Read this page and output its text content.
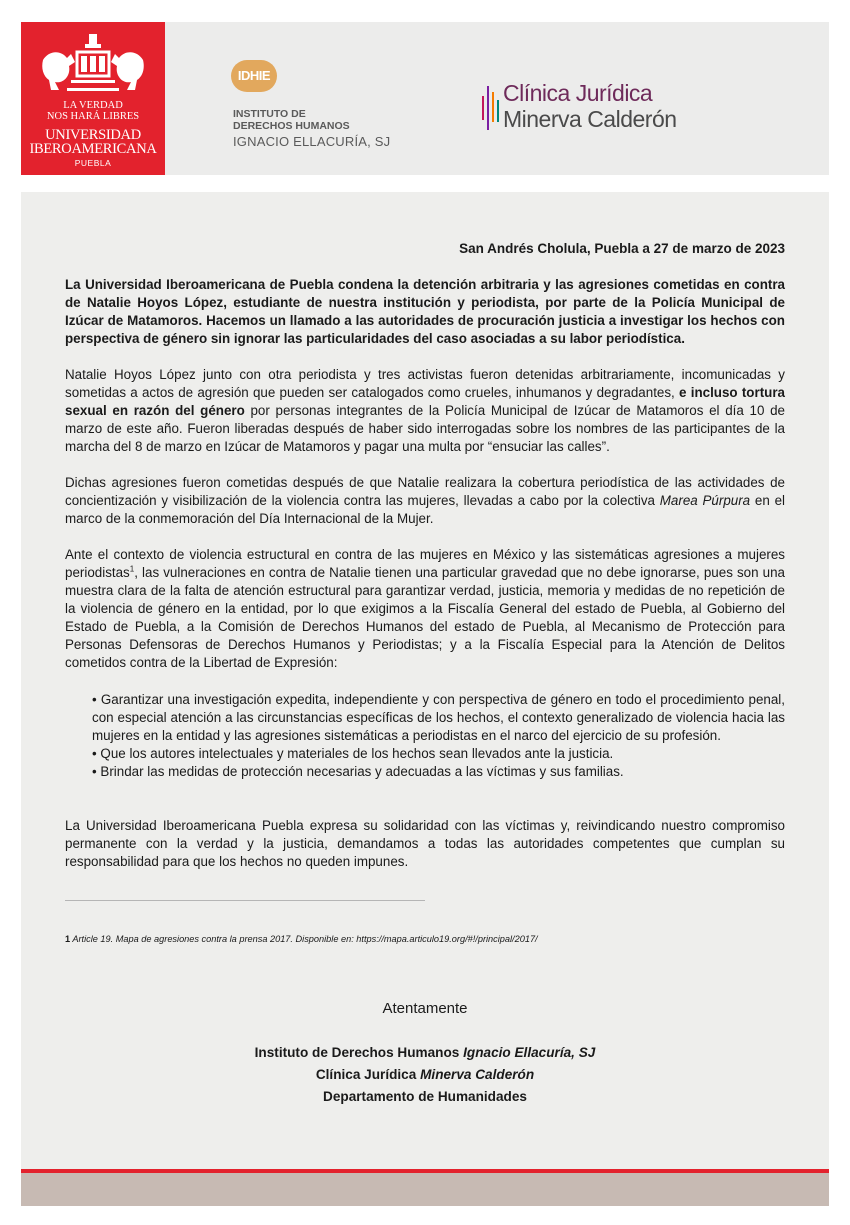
LA VERDAD
NOS HARÁ LIBRES
UNIVERSIDAD
IBEROAMERICANA
PUEBLA
IDHIE
INSTITUTO DE
DERECHOS HUMANOS
IGNACIO ELLACURÍA, SJ
Clínica Jurídica
Minerva Calderón
San Andrés Cholula, Puebla a 27 de marzo de 2023

La Universidad Iberoamericana de Puebla condena la detención arbitraria y las agresiones cometidas en contra de Natalie Hoyos López, estudiante de nuestra institución y periodista, por parte de la Policía Municipal de Izúcar de Matamoros. Hacemos un llamado a las autoridades de procuración justicia a investigar los hechos con perspectiva de género sin ignorar las particularidades del caso asociadas a su labor periodística.

Natalie Hoyos López junto con otra periodista y tres activistas fueron detenidas arbitrariamente, incomunicadas y sometidas a actos de agresión que pueden ser catalogados como crueles, inhumanos y degradantes, e incluso tortura sexual en razón del género por personas integrantes de la Policía Municipal de Izúcar de Matamoros el día 10 de marzo de este año. Fueron liberadas después de haber sido interrogadas sobre los nombres de las participantes de la marcha del 8 de marzo en Izúcar de Matamoros y pagar una multa por “ensuciar las calles”.

Dichas agresiones fueron cometidas después de que Natalie realizara la cobertura periodística de las actividades de concientización y visibilización de la violencia contra las mujeres, llevadas a cabo por la colectiva Marea Púrpura en el marco de la conmemoración del Día Internacional de la Mujer.

Ante el contexto de violencia estructural en contra de las mujeres en México y las sistemáticas agresiones a mujeres periodistas$^1$, las vulneraciones en contra de Natalie tienen una particular gravedad que no debe ignorarse, pues son una muestra clara de la falta de atención estructural para garantizar verdad, justicia, memoria y medidas de no repetición de la violencia de género en la entidad, por lo que exigimos a la Fiscalía General del estado de Puebla, al Gobierno del Estado de Puebla, a la Comisión de Derechos Humanos del estado de Puebla, al Mecanismo de Protección para Personas Defensoras de Derechos Humanos y Periodistas; y a la Fiscalía Especial para la Atención de Delitos cometidos contra de la Libertad de Expresión:

• Garantizar una investigación expedita, independiente y con perspectiva de género en todo el procedimiento penal, con especial atención a las circunstancias específicas de los hechos, el contexto generalizado de violencia hacia las mujeres en la entidad y las agresiones sistemáticas a periodistas en el narco del ejercicio de su profesión.
• Que los autores intelectuales y materiales de los hechos sean llevados ante la justicia.
• Brindar las medidas de protección necesarias y adecuadas a las víctimas y sus familias.

La Universidad Iberoamericana Puebla expresa su solidaridad con las víctimas y, reivindicando nuestro compromiso permanente con la verdad y la justicia, demandamos a todas las autoridades competentes que cumplan su responsabilidad para que los hechos no queden impunes.

1 Article 19. Mapa de agresiones contra la prensa 2017. Disponible en: https://mapa.articulo19.org/#!/principal/2017/
Atentamente
Instituto de Derechos Humanos Ignacio Ellacuría, SJ
Clínica Jurídica Minerva Calderón
Departamento de Humanidades
